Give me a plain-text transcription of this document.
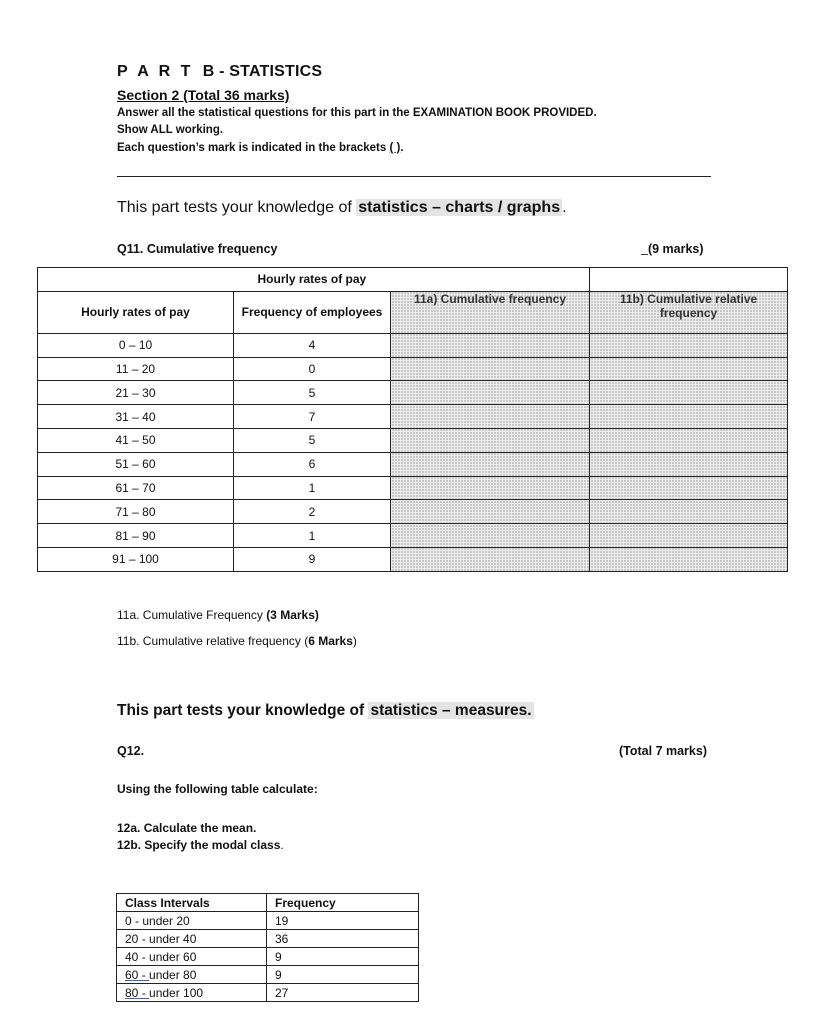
P A R T B - STATISTICS
Section 2 (Total 36 marks)
Answer all the statistical questions for this part in the EXAMINATION BOOK PROVIDED.
Show ALL working.
Each question’s mark is indicated in the brackets ( ).
This part tests your knowledge of statistics – charts / graphs .
Q11. Cumulative frequency	_(9 marks)
	Hourly rates of pay		
Hourly rates of pay	Frequency of employees	11a) Cumulative frequency	11b) Cumulative relative frequency
0 – 10	4		
11 – 20	0		
21 – 30	5		
31 – 40	7		
41 – 50	5		
51 – 60	6		
61 – 70	1		
71 – 80	2		
81 – 90	1		
91 – 100	9		
11a. Cumulative Frequency (3 Marks)
11b. Cumulative relative frequency (6 Marks)
This part tests your knowledge of statistics – measures.
Q12.	(Total 7 marks)
Using the following table calculate:
12a. Calculate the mean.
12b. Specify the modal class.
Class Intervals	Frequency
0 - under 20	19
20 - under 40	36
40 - under 60	9
60 - under 80	9
80 - under 100	27
